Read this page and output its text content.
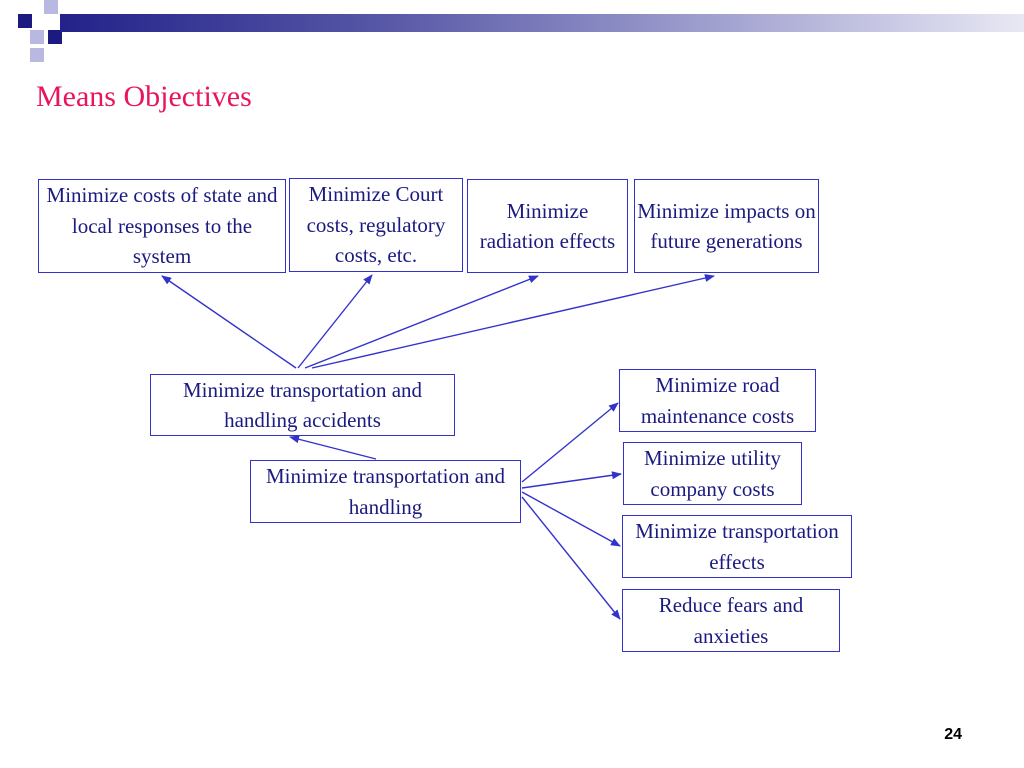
Means Objectives
Minimize costs of state and local responses to the system
Minimize Court costs, regulatory costs, etc.
Minimize radiation effects
Minimize impacts on future generations
Minimize transportation and handling accidents
Minimize transportation and handling
Minimize road maintenance costs
Minimize utility company costs
Minimize transportation effects
Reduce fears and anxieties
24
